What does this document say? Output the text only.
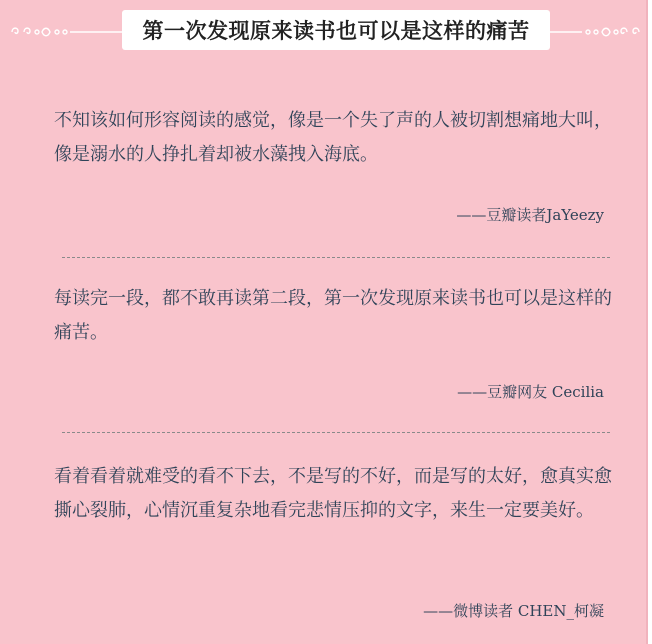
第一次发现原来读书也可以是这样的痛苦
不知该如何形容阅读的感觉，像是一个失了声的人被切割想痛地大叫，像是溺水的人挣扎着却被水藻拽入海底。
——豆瓣读者JaYeezy
每读完一段，都不敢再读第二段，第一次发现原来读书也可以是这样的痛苦。
——豆瓣网友 Cecilia
看着看着就难受的看不下去，不是写的不好，而是写的太好，愈真实愈撕心裂肺，心情沉重复杂地看完悲情压抑的文字，来生一定要美好。
——微博读者 CHEN_柯凝
